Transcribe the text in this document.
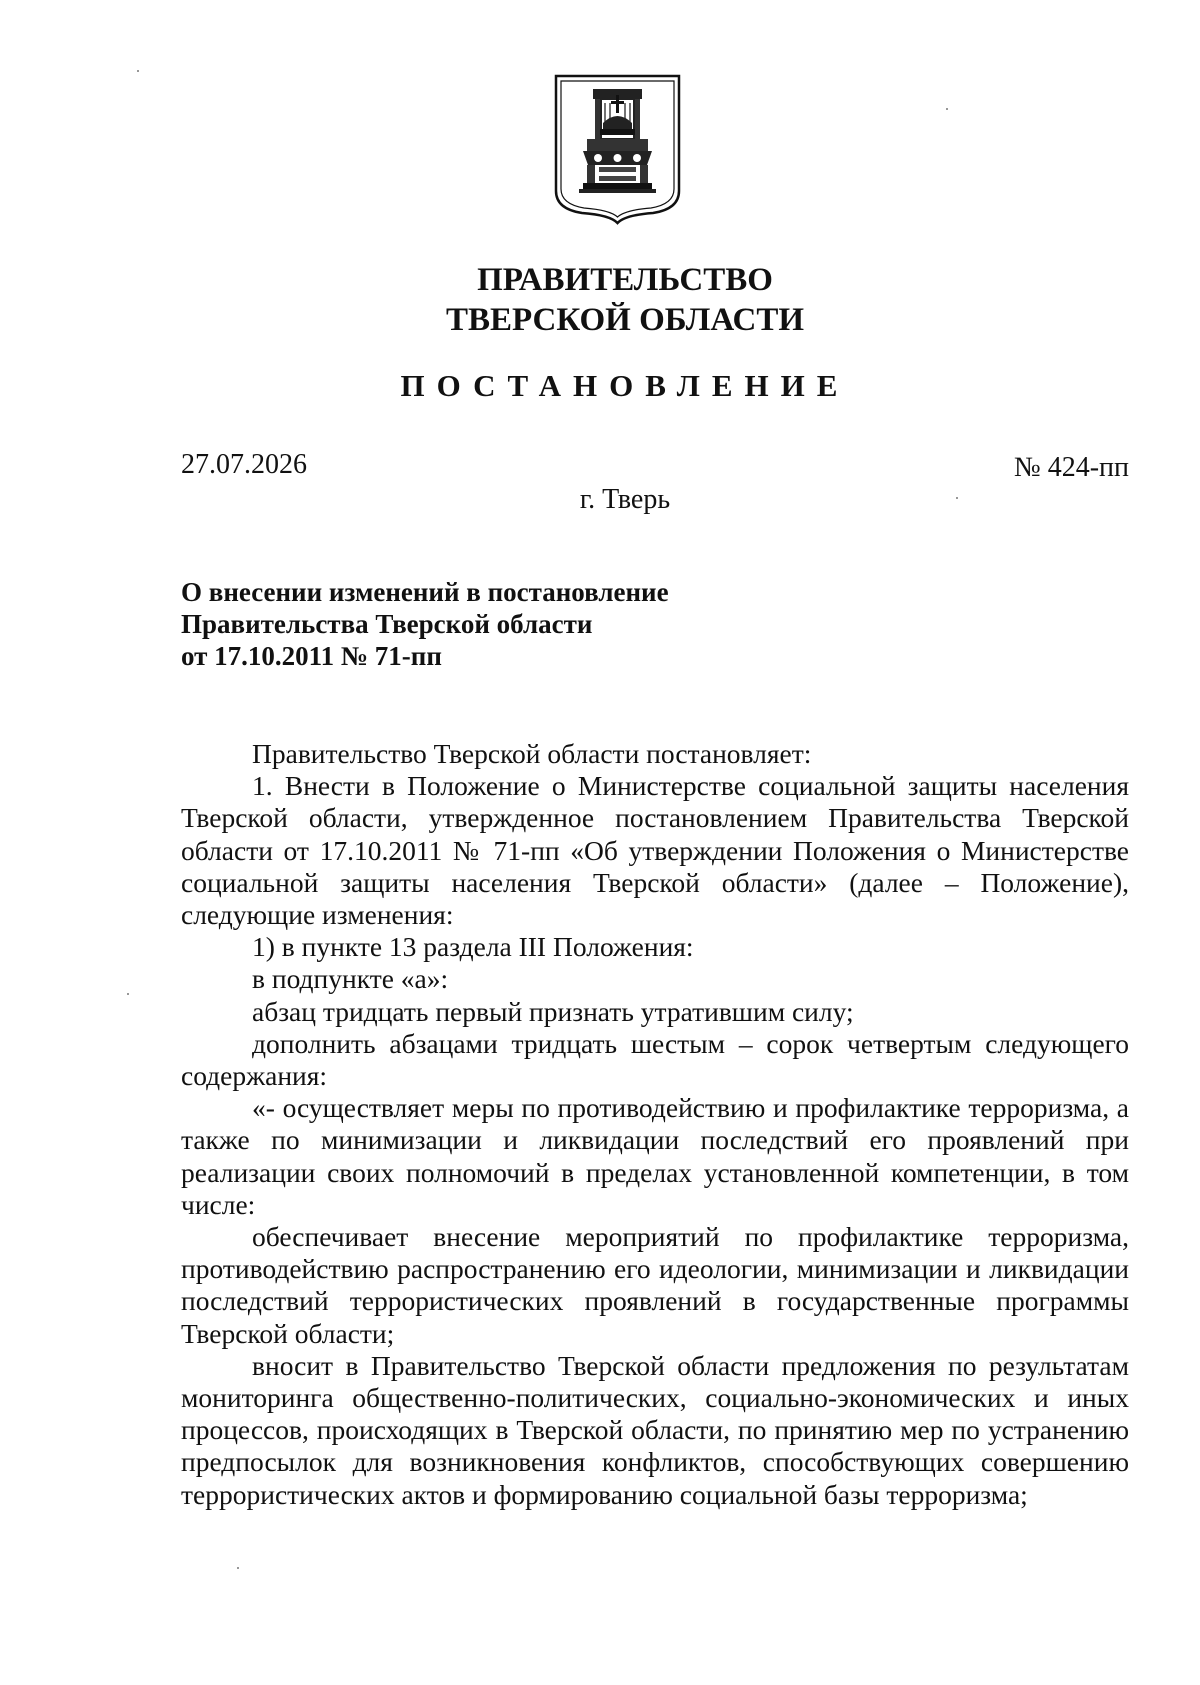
ПРАВИТЕЛЬСТВО
ТВЕРСКОЙ ОБЛАСТИ
ПОСТАНОВЛЕНИЕ
27.07.2026	№ 424-пп
г. Тверь
О внесении изменений в постановление
Правительства Тверской области
от 17.10.2011 № 71-пп

Правительство Тверской области постановляет:

1. Внести в Положение о Министерстве социальной защиты населения Тверской области, утвержденное постановлением Правительства Тверской области от 17.10.2011 № 71-пп «Об утверждении Положения о Министерстве социальной защиты населения Тверской области» (далее – Положение), следующие изменения:

1) в пункте 13 раздела III Положения:

в подпункте «а»:

абзац тридцать первый признать утратившим силу;

дополнить абзацами тридцать шестым – сорок четвертым следующего содержания:

«- осуществляет меры по противодействию и профилактике терроризма, а также по минимизации и ликвидации последствий его проявлений при реализации своих полномочий в пределах установленной компетенции, в том числе:

обеспечивает внесение мероприятий по профилактике терроризма, противодействию распространению его идеологии, минимизации и ликвидации последствий террористических проявлений в государственные программы Тверской области;

вносит в Правительство Тверской области предложения по результатам мониторинга общественно-политических, социально-экономических и иных процессов, происходящих в Тверской области, по принятию мер по устранению предпосылок для возникновения конфликтов, способствующих совершению террористических актов и формированию социальной базы терроризма;
